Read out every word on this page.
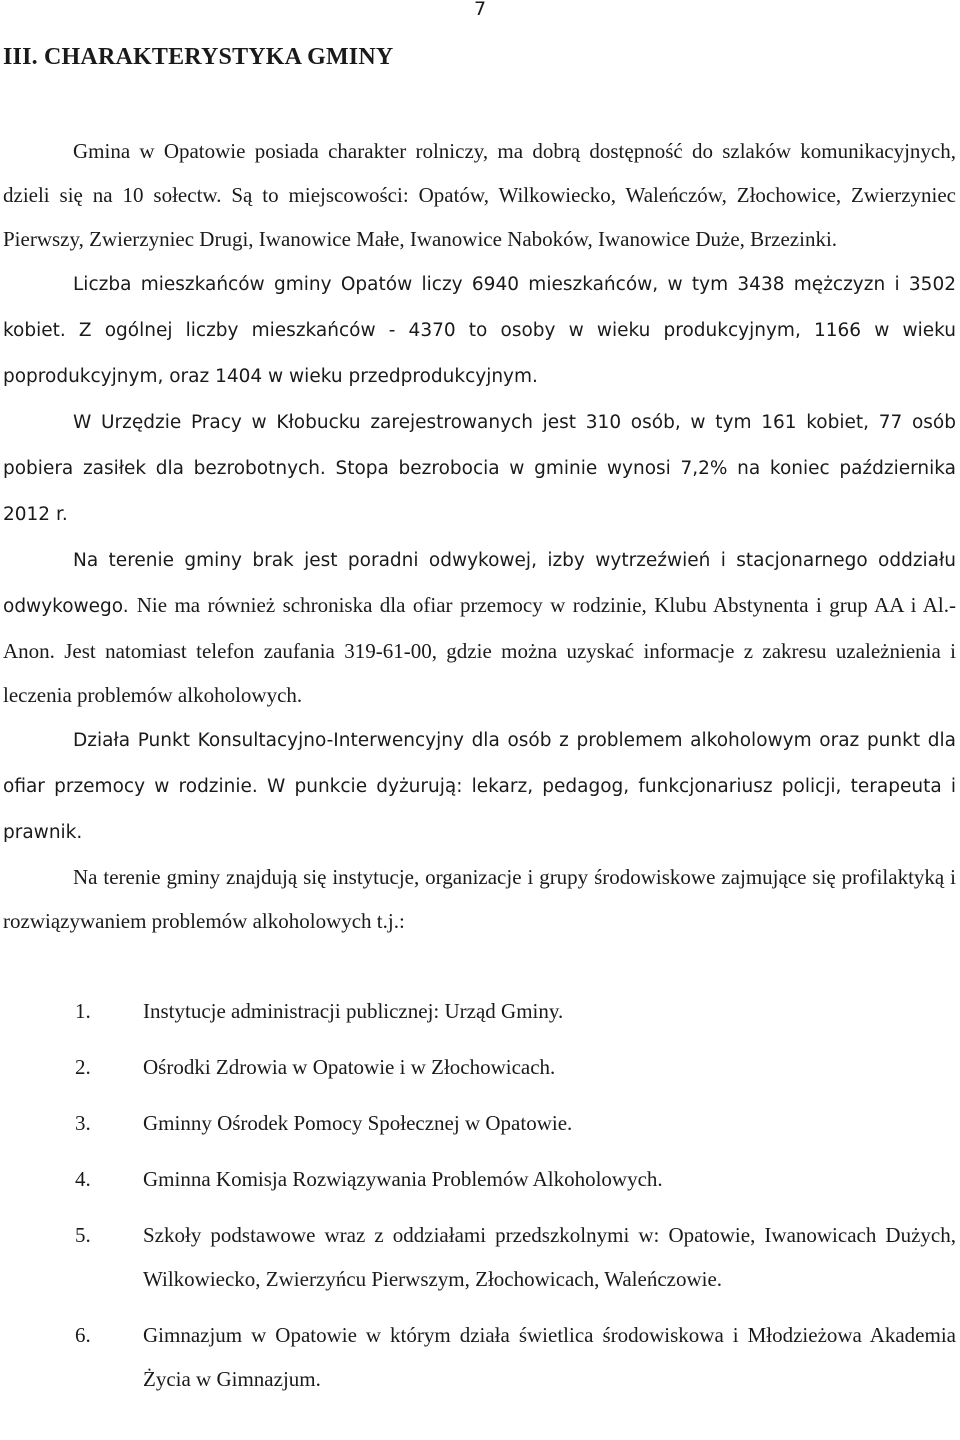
7
III. CHARAKTERYSTYKA GMINY

Gmina w Opatowie posiada charakter rolniczy, ma dobrą dostępność do szlaków komunikacyjnych, dzieli się na 10 sołectw. Są to miejscowości: Opatów, Wilkowiecko, Waleńczów, Złochowice, Zwierzyniec Pierwszy, Zwierzyniec Drugi, Iwanowice Małe, Iwanowice Naboków, Iwanowice Duże, Brzezinki.

Liczba mieszkańców gminy Opatów liczy 6940 mieszkańców, w tym 3438 mężczyzn i 3502 kobiet. Z ogólnej liczby mieszkańców - 4370 to osoby w wieku produkcyjnym, 1166 w wieku poprodukcyjnym, oraz 1404 w wieku przedprodukcyjnym.

W Urzędzie Pracy w Kłobucku zarejestrowanych jest 310 osób, w tym 161 kobiet, 77 osób pobiera zasiłek dla bezrobotnych. Stopa bezrobocia w gminie wynosi 7,2% na koniec października 2012 r.

Na terenie gminy brak jest poradni odwykowej, izby wytrzeźwień i stacjonarnego oddziału odwykowego. Nie ma również schroniska dla ofiar przemocy w rodzinie, Klubu Abstynenta i grup AA i Al.-Anon. Jest natomiast telefon zaufania 319-61-00, gdzie można uzyskać informacje z zakresu uzależnienia i leczenia problemów alkoholowych.

Działa Punkt Konsultacyjno-Interwencyjny dla osób z problemem alkoholowym oraz punkt dla ofiar przemocy w rodzinie. W punkcie dyżurują: lekarz, pedagog, funkcjonariusz policji, terapeuta i prawnik.

Na terenie gminy znajdują się instytucje, organizacje i grupy środowiskowe zajmujące się profilaktyką i rozwiązywaniem problemów alkoholowych t.j.:

1. Instytucje administracji publicznej: Urząd Gminy.
2. Ośrodki Zdrowia w Opatowie i w Złochowicach.
3. Gminny Ośrodek Pomocy Społecznej w Opatowie.
4. Gminna Komisja Rozwiązywania Problemów Alkoholowych.
5. Szkoły podstawowe wraz z oddziałami przedszkolnymi w: Opatowie, Iwanowicach Dużych, Wilkowiecko, Zwierzyńcu Pierwszym, Złochowicach, Waleńczowie.
6. Gimnazjum w Opatowie w którym działa świetlica środowiskowa i Młodzieżowa Akademia Życia w Gimnazjum.
